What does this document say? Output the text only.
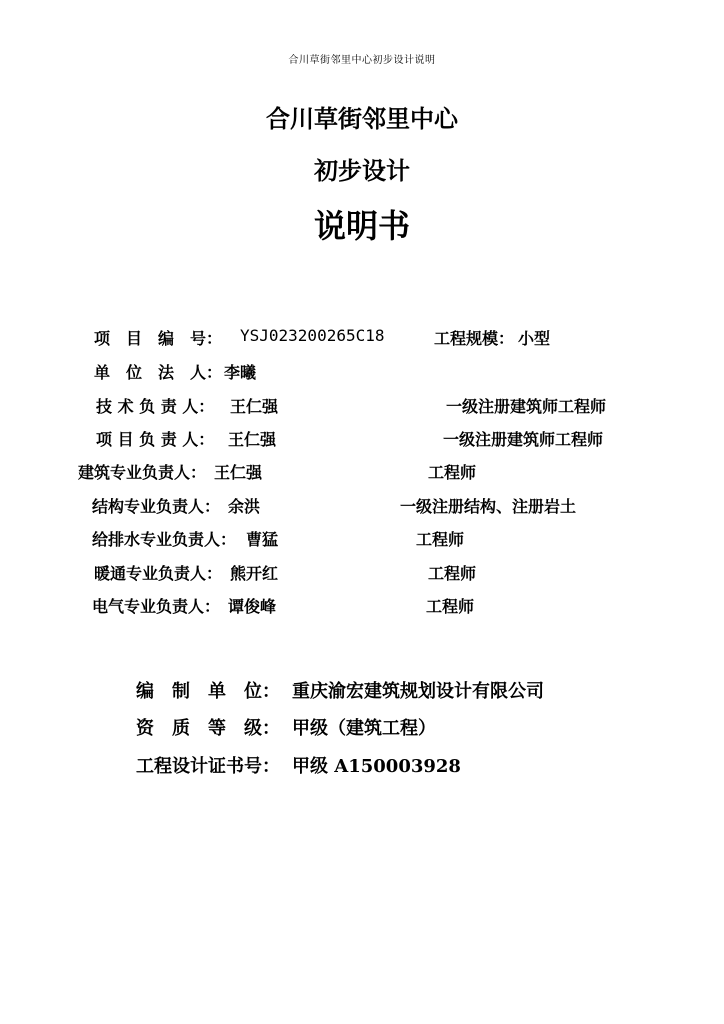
合川草街邻里中心初步设计说明
合川草街邻里中心
初步设计
说明书
项　目　编　号： YSJ023200265C18	工程规模： 小型
单　位　法　人： 李曦
技 术 负 责 人： 王仁强	一级注册建筑师工程师
项 目 负 责 人： 王仁强	一级注册建筑师工程师
建筑专业负责人： 王仁强	工程师
结构专业负责人： 余洪	一级注册结构、注册岩土
给排水专业负责人： 曹猛	工程师
暖通专业负责人： 熊开红	工程师
电气专业负责人： 谭俊峰	工程师
编　制　单　位： 重庆渝宏建筑规划设计有限公司
资　质　等　级： 甲级（建筑工程）
工程设计证书号： 甲级 A150003928
